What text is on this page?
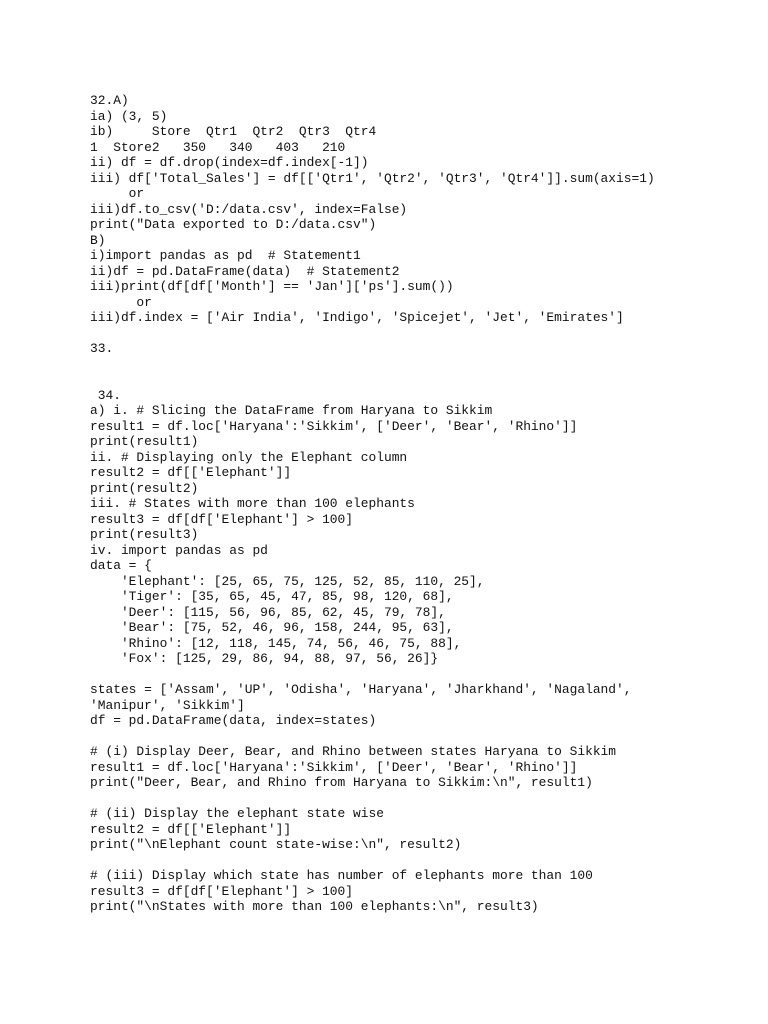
32.A)
ia) (3, 5)
ib)     Store  Qtr1  Qtr2  Qtr3  Qtr4
1  Store2   350   340   403   210
ii) df = df.drop(index=df.index[-1])
iii) df['Total_Sales'] = df[['Qtr1', 'Qtr2', 'Qtr3', 'Qtr4']].sum(axis=1)
or
iii)df.to_csv('D:/data.csv', index=False)
print("Data exported to D:/data.csv")
B)
i)import pandas as pd  # Statement1
ii)df = pd.DataFrame(data)  # Statement2
iii)print(df[df['Month'] == 'Jan']['ps'].sum())
or
iii)df.index = ['Air India', 'Indigo', 'Spicejet', 'Jet', 'Emirates']
33.
34.
a) i. # Slicing the DataFrame from Haryana to Sikkim
result1 = df.loc['Haryana':'Sikkim', ['Deer', 'Bear', 'Rhino']]
print(result1)
ii. # Displaying only the Elephant column
result2 = df[['Elephant']]
print(result2)
iii. # States with more than 100 elephants
result3 = df[df['Elephant'] > 100]
print(result3)
iv. import pandas as pd
data = {
'Elephant': [25, 65, 75, 125, 52, 85, 110, 25],
'Tiger': [35, 65, 45, 47, 85, 98, 120, 68],
'Deer': [115, 56, 96, 85, 62, 45, 79, 78],
'Bear': [75, 52, 46, 96, 158, 244, 95, 63],
'Rhino': [12, 118, 145, 74, 56, 46, 75, 88],
'Fox': [125, 29, 86, 94, 88, 97, 56, 26]}
states = ['Assam', 'UP', 'Odisha', 'Haryana', 'Jharkhand', 'Nagaland',
'Manipur', 'Sikkim']
df = pd.DataFrame(data, index=states)
# (i) Display Deer, Bear, and Rhino between states Haryana to Sikkim
result1 = df.loc['Haryana':'Sikkim', ['Deer', 'Bear', 'Rhino']]
print("Deer, Bear, and Rhino from Haryana to Sikkim:\n", result1)
# (ii) Display the elephant state wise
result2 = df[['Elephant']]
print("\nElephant count state-wise:\n", result2)
# (iii) Display which state has number of elephants more than 100
result3 = df[df['Elephant'] > 100]
print("\nStates with more than 100 elephants:\n", result3)
